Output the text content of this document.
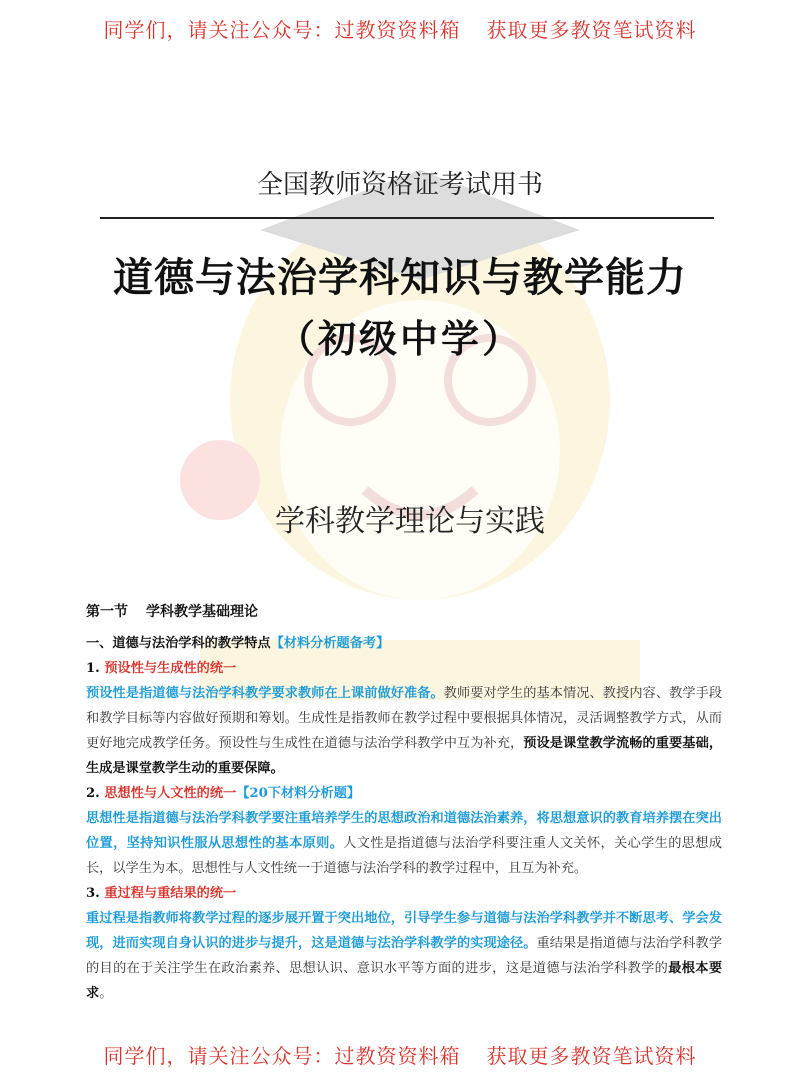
同学们，请关注公众号：过教资资料箱 获取更多教资笔试资料
全国教师资格证考试用书
道德与法治学科知识与教学能力
（初级中学）
学科教学理论与实践

第一节 学科教学基础理论

一、道德与法治学科的教学特点【材料分析题备考】

1. 预设性与生成性的统一

预设性是指道德与法治学科教学要求教师在上课前做好准备。教师要对学生的基本情况、教授内容、教学手段和教学目标等内容做好预期和筹划。生成性是指教师在教学过程中要根据具体情况，灵活调整教学方式，从而更好地完成教学任务。预设性与生成性在道德与法治学科教学中互为补充，预设是课堂教学流畅的重要基础，生成是课堂教学生动的重要保障。

2. 思想性与人文性的统一【20下材料分析题】

思想性是指道德与法治学科教学要注重培养学生的思想政治和道德法治素养，将思想意识的教育培养摆在突出位置，坚持知识性服从思想性的基本原则。人文性是指道德与法治学科要注重人文关怀，关心学生的思想成长，以学生为本。思想性与人文性统一于道德与法治学科的教学过程中，且互为补充。

3. 重过程与重结果的统一

重过程是指教师将教学过程的逐步展开置于突出地位，引导学生参与道德与法治学科教学并不断思考、学会发现，进而实现自身认识的进步与提升，这是道德与法治学科教学的实现途径。重结果是指道德与法治学科教学的目的在于关注学生在政治素养、思想认识、意识水平等方面的进步，这是道德与法治学科教学的最根本要求。

同学们，请关注公众号：过教资资料箱 获取更多教资笔试资料
